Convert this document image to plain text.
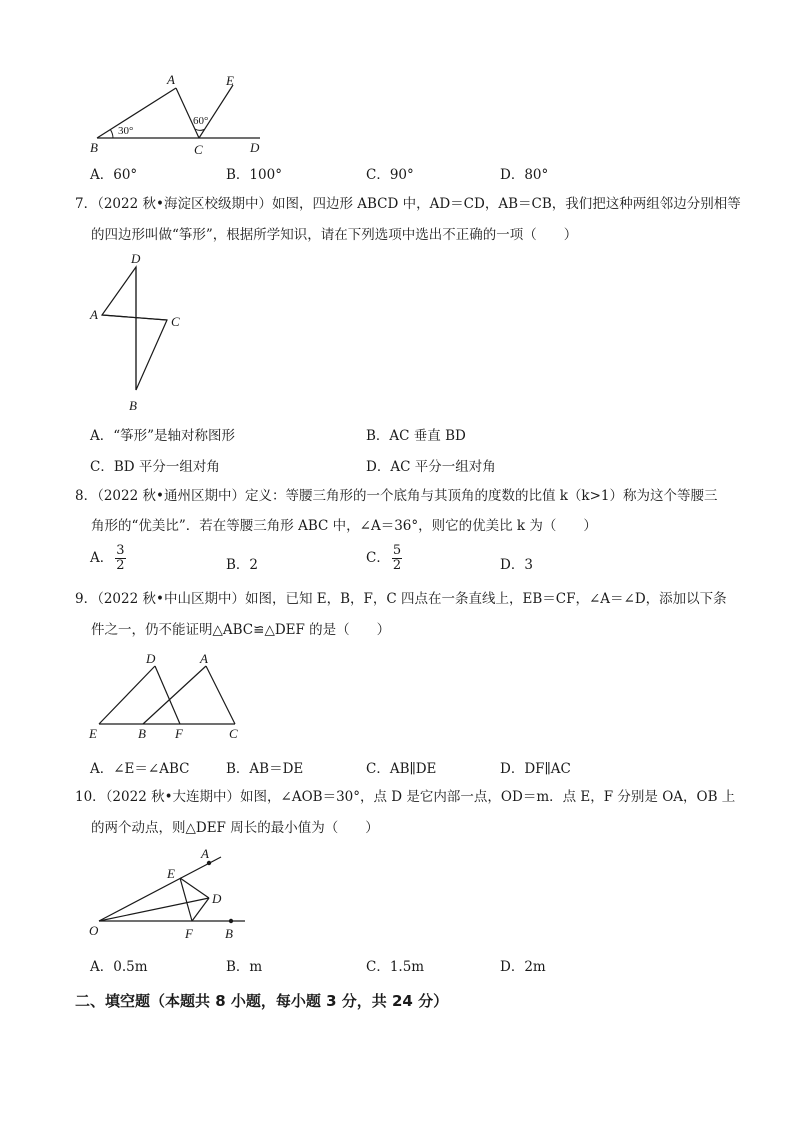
A	E
B	C	D
30°
60°
A．60°	B．100°	C．90°	D．80°
7．（2022 秋•海淀区校级期中）如图，四边形 ABCD 中，AD＝CD，AB＝CB，我们把这种两组邻边分别相等
的四边形叫做“筝形”，根据所学知识，请在下列选项中选出不正确的一项（　　）
D
A	C
B
A．“筝形”是轴对称图形	B．AC 垂直 BD
C．BD 平分一组对角	D．AC 平分一组对角
8．（2022 秋•通州区期中）定义：等腰三角形的一个底角与其顶角的度数的比值 k（k>1）称为这个等腰三
角形的“优美比”．若在等腰三角形 ABC 中，∠A＝36°，则它的优美比 k 为（　　）
A． $\frac{3}{2}$	B．2	C． $\frac{5}{2}$	D．3
9．（2022 秋•中山区期中）如图，已知 E，B，F，C 四点在一条直线上，EB＝CF，∠A＝∠D，添加以下条
件之一，仍不能证明△ABC≌△DEF 的是（　　）
D	A
E	B F	C
A．∠E＝∠ABC	B．AB＝DE	C．AB∥DE	D．DF∥AC
10．（2022 秋•大连期中）如图，∠AOB＝30°，点 D 是它内部一点，OD＝m．点 E，F 分别是 OA，OB 上
的两个动点，则△DEF 周长的最小值为（　　）
A
E
D
O	F B
A．0.5m	B．m	C．1.5m	D．2m
二、填空题（本题共 8 小题，每小题 3 分，共 24 分）
